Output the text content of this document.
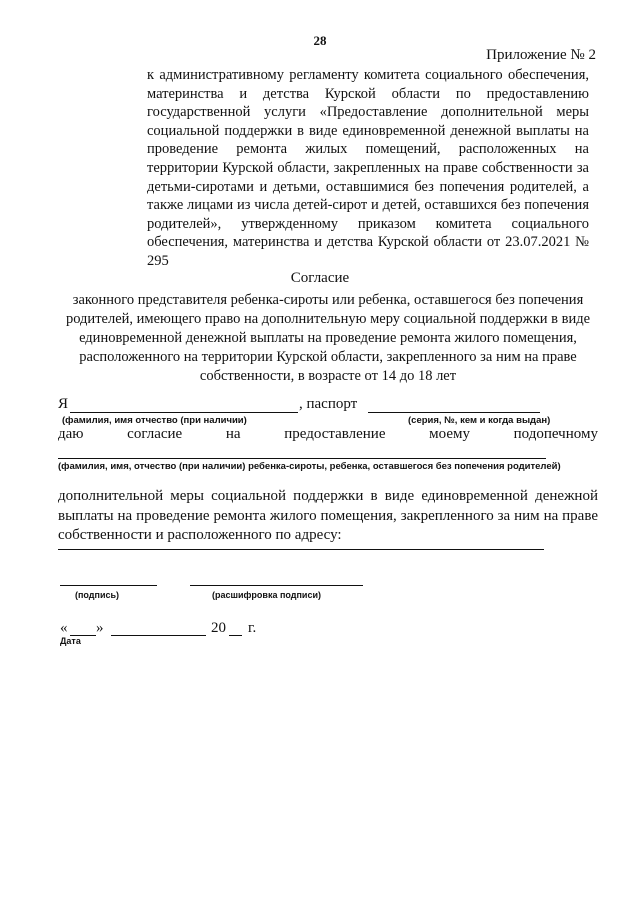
28
Приложение № 2
к административному регламенту комитета социального обеспечения, материнства и детства Курской области по предоставлению государственной услуги «Предоставление дополнительной меры социальной поддержки в виде единовременной денежной выплаты на проведение ремонта жилых помещений, расположенных на территории Курской области, закрепленных на праве собственности за детьми-сиротами и детьми, оставшимися без попечения родителей, а также лицами из числа детей-сирот и детей, оставшихся без попечения родителей», утвержденному приказом комитета социального обеспечения, материнства и детства Курской области от 23.07.2021 № 295
Согласие
законного представителя ребенка-сироты или ребенка, оставшегося без попечения родителей, имеющего право на дополнительную меру социальной поддержки в виде единовременной денежной выплаты на проведение ремонта жилого помещения, расположенного на территории Курской области, закрепленного за ним на праве собственности, в возрасте от 14 до 18 лет
Я	, паспорт
(фамилия, имя отчество (при наличии)	(серия, №, кем и когда выдан)
даю	согласие	на	предоставление	моему	подопечному
(фамилия, имя, отчество (при наличии) ребенка-сироты, ребенка, оставшегося без попечения родителей)
дополнительной меры социальной поддержки в виде единовременной денежной выплаты на проведение ремонта жилого помещения, закрепленного за ним на праве собственности и расположенного по адресу:
(подпись)	(расшифровка подписи)
« »	20 г.
Дата
